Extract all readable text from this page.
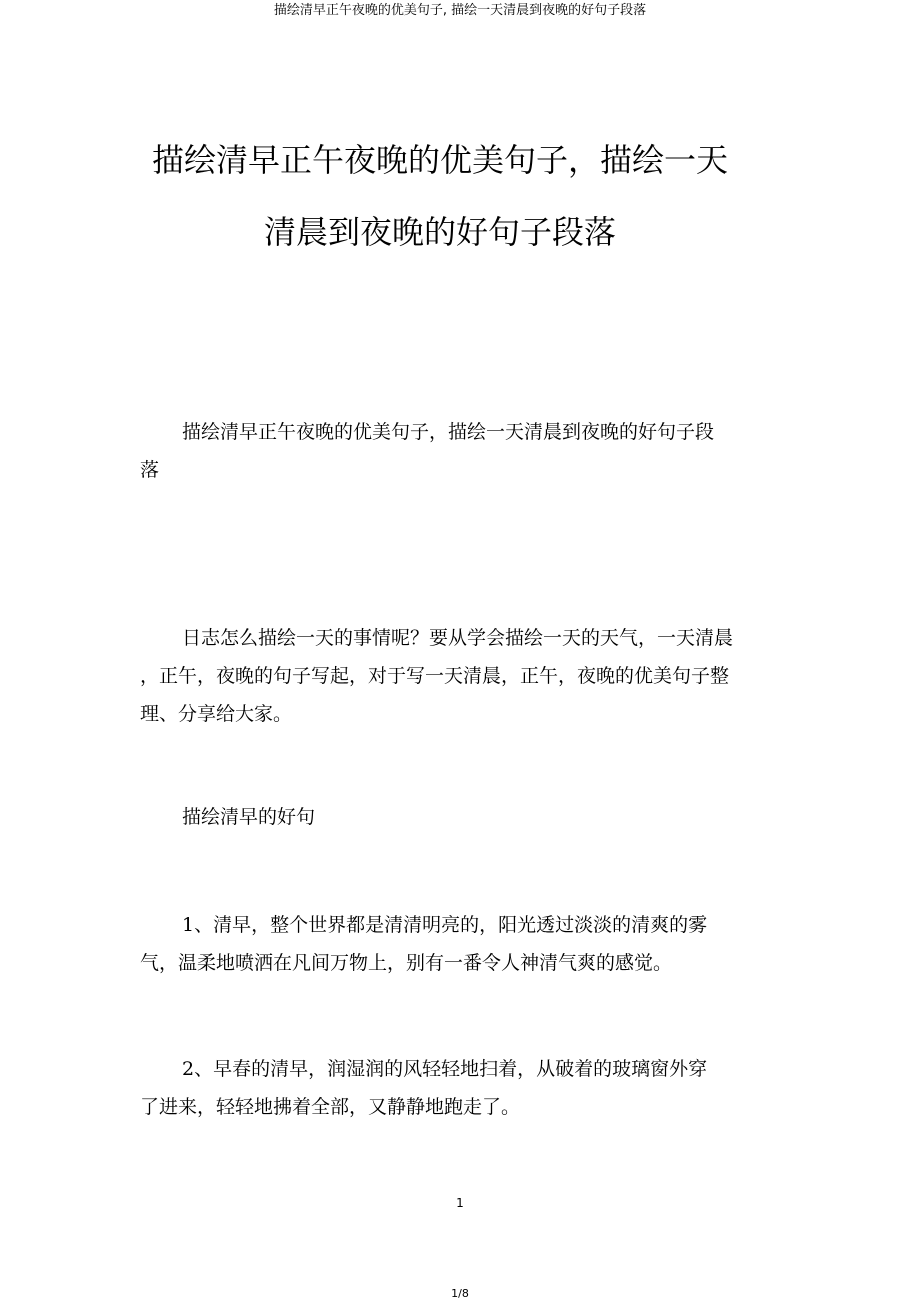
描绘清早正午夜晚的优美句子, 描绘一天清晨到夜晚的好句子段落
描绘清早正午夜晚的优美句子，描绘一天
清晨到夜晚的好句子段落
描绘清早正午夜晚的优美句子，描绘一天清晨到夜晚的好句子段
落
日志怎么描绘一天的事情呢？要从学会描绘一天的天气，一天清晨
，正午，夜晚的句子写起，对于写一天清晨，正午，夜晚的优美句子整
理、分享给大家。
描绘清早的好句
1、清早，整个世界都是清清明亮的，阳光透过淡淡的清爽的雾
气，温柔地喷洒在凡间万物上，别有一番令人神清气爽的感觉。
2、早春的清早，润湿润的风轻轻地扫着，从破着的玻璃窗外穿
了进来，轻轻地拂着全部，又静静地跑走了。
1
1/8
